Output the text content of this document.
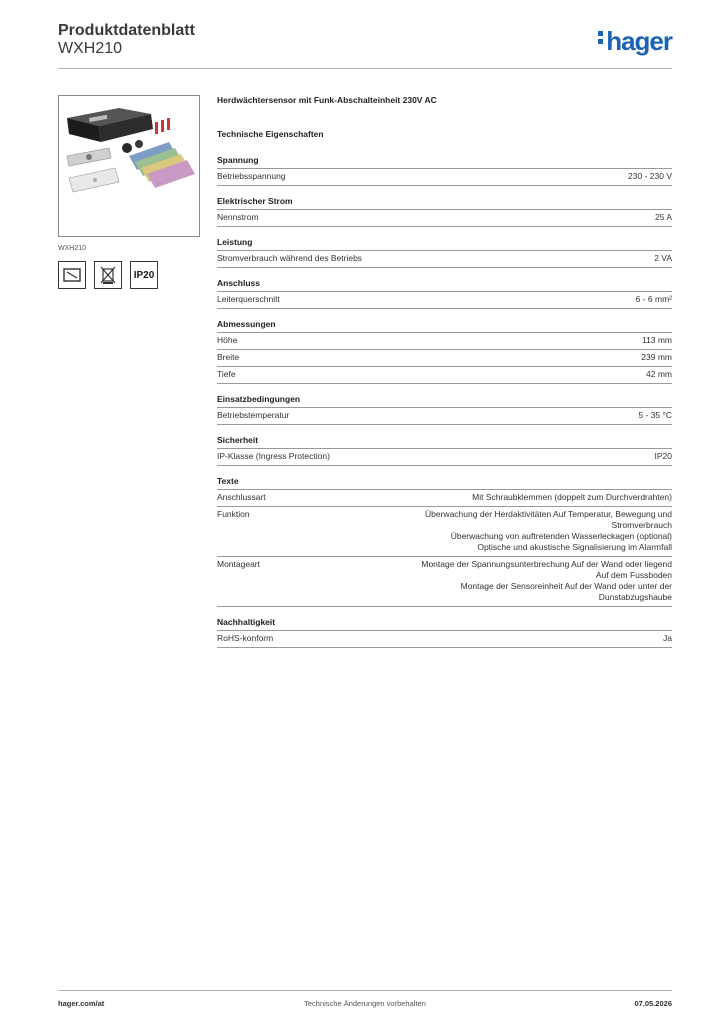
Produktdatenblatt
WXH210	hager
WXH210
IP20
Herdwächtersensor mit Funk-Abschalteinheit 230V AC
Technische Eigenschaften
Spannung
Betriebsspannung	230 - 230 V
Elektrischer Strom
Nennstrom	25 A
Leistung
Stromverbrauch während des Betriebs	2 VA
Anschluss
Leiterquerschnitt	6 - 6 mm²
Abmessungen
Höhe	113 mm
Breite	239 mm
Tiefe	42 mm
Einsatzbedingungen
Betriebstemperatur	5 - 35 °C
Sicherheit
IP-Klasse (Ingress Protection)	IP20
Texte
Anschlussart	Mit Schraubklemmen (doppelt zum Durchverdrahten)
Funktion	Überwachung der Herdaktivitäten Auf Temperatur, Bewegung und
Stromverbrauch
Überwachung von auftretenden Wasserleckagen (optional)
Optische und akustische Signalisierung im Alarmfall
Montageart	Montage der Spannungsunterbrechung Auf der Wand oder liegend
Auf dem Fussboden
Montage der Sensoreinheit Auf der Wand oder unter der
Dunstabzugshaube
Nachhaltigkeit
RoHS-konform	Ja
hager.com/at	Technische Änderungen vorbehalten	07.05.2026
